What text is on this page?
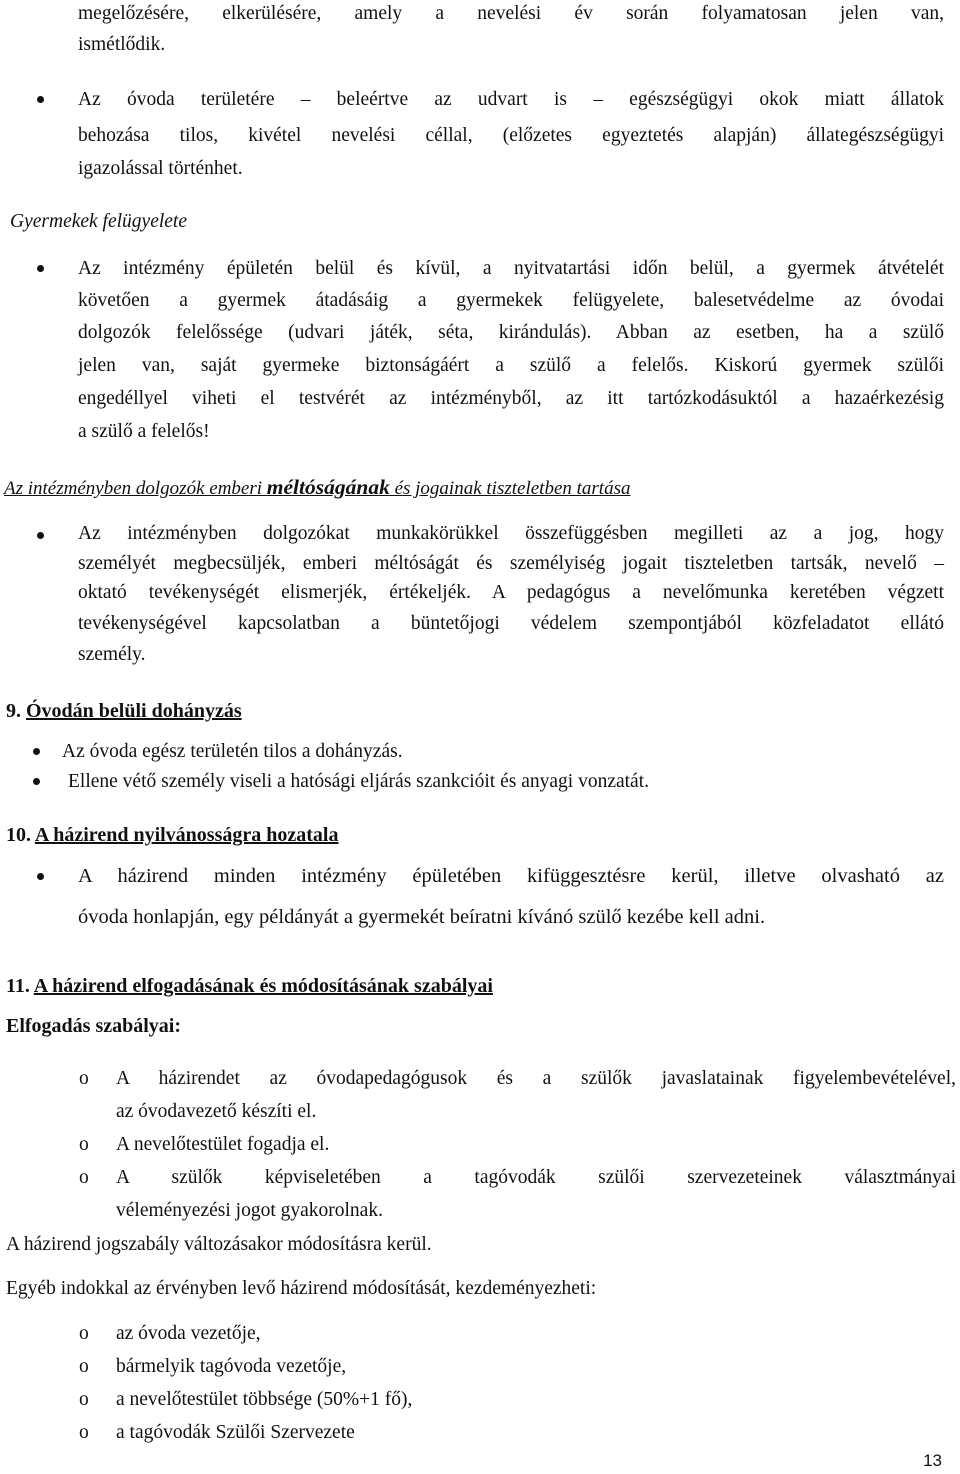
megelőzésére, elkerülésére, amely a nevelési év során folyamatosan jelen van,
ismétlődik.
Az óvoda területére – beleértve az udvart is – egészségügyi okok miatt állatok
behozása tilos, kivétel nevelési céllal, (előzetes egyeztetés alapján) állategészségügyi
igazolással történhet.
Gyermekek felügyelete
Az intézmény épületén belül és kívül, a nyitvatartási időn belül, a gyermek átvételét
követően a gyermek átadásáig a gyermekek felügyelete, balesetvédelme az óvodai
dolgozók felelőssége (udvari játék, séta, kirándulás). Abban az esetben, ha a szülő
jelen van, saját gyermeke biztonságáért a szülő a felelős. Kiskorú gyermek szülői
engedéllyel viheti el testvérét az intézményből, az itt tartózkodásuktól a hazaérkezésig
a szülő a felelős!
Az intézményben dolgozók emberi méltóságának és jogainak tiszteletben tartása
Az intézményben dolgozókat munkakörükkel összefüggésben megilleti az a jog, hogy
személyét megbecsüljék, emberi méltóságát és személyiség jogait tiszteletben tartsák, nevelő –
oktató tevékenységét elismerjék, értékeljék. A pedagógus a nevelőmunka keretében végzett
tevékenységével kapcsolatban a büntetőjogi védelem szempontjából közfeladatot ellátó
személy.
9. Óvodán belüli dohányzás
Az óvoda egész területén tilos a dohányzás.
Ellene vétő személy viseli a hatósági eljárás szankcióit és anyagi vonzatát.
10. A házirend nyilvánosságra hozatala
A házirend minden intézmény épületében kifüggesztésre kerül, illetve olvasható az
óvoda honlapján, egy példányát a gyermekét beíratni kívánó szülő kezébe kell adni.
11. A házirend elfogadásának és módosításának szabályai
Elfogadás szabályai:
o A házirendet az óvodapedagógusok és a szülők javaslatainak figyelembevételével,
az óvodavezető készíti el.
o A nevelőtestület fogadja el.
o A szülők képviseletében a tagóvodák szülői szervezeteinek választmányai
véleményezési jogot gyakorolnak.
A házirend jogszabály változásakor módosításra kerül.
Egyéb indokkal az érvényben levő házirend módosítását, kezdeményezheti:
o az óvoda vezetője,
o bármelyik tagóvoda vezetője,
o a nevelőtestület többsége (50%+1 fő),
o a tagóvodák Szülői Szervezete
13
